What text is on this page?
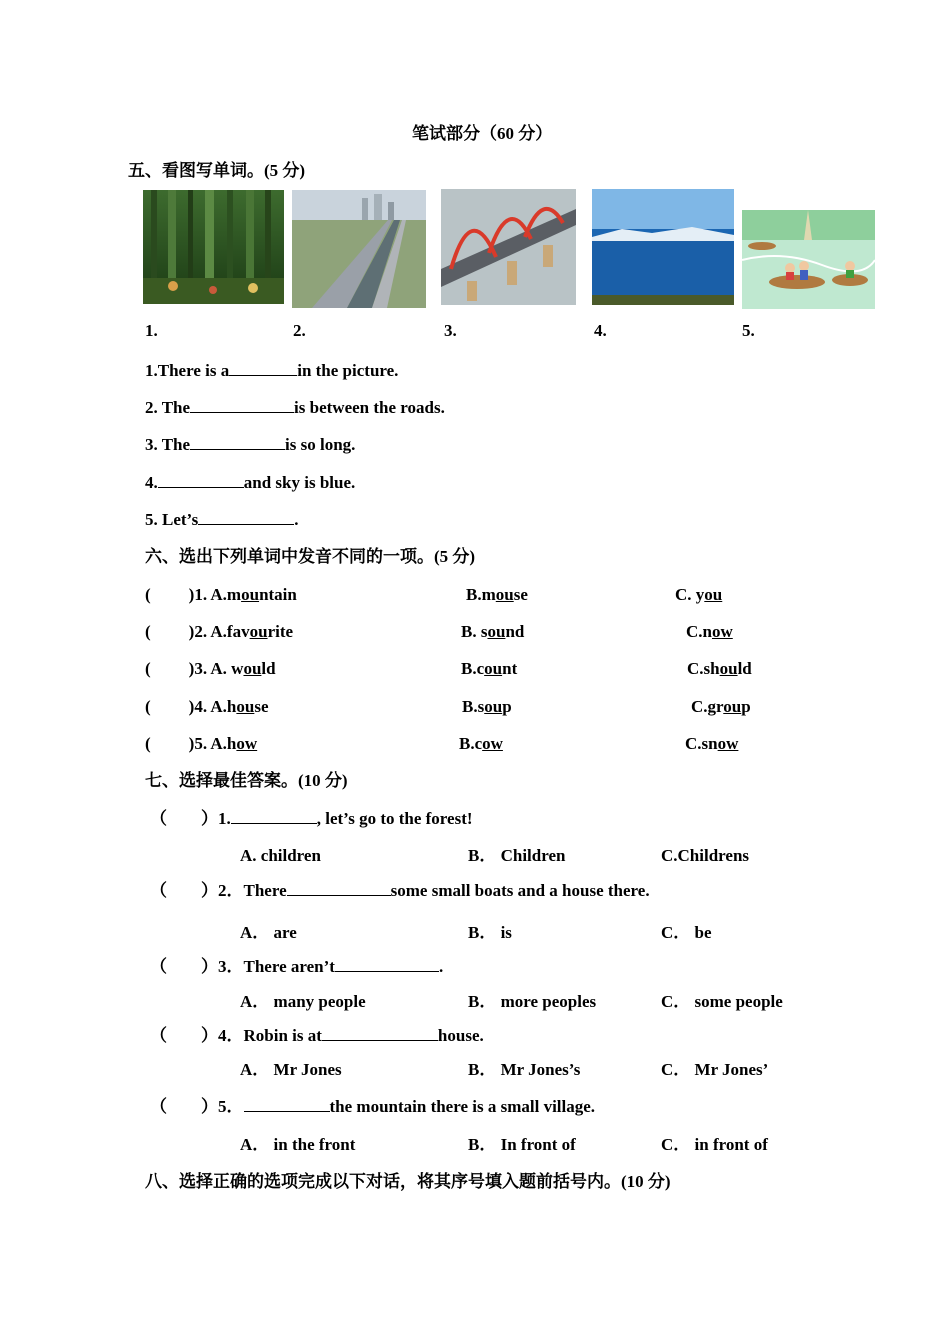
笔试部分（60 分）
五、看图写单词。(5 分)
1.	2.	3.	4.	5.
1.There is a	in the picture.
2. The	is between the roads.
3. The	is so long.
4.	and sky is blue.
5. Let’s	.
六、选出下列单词中发音不同的一项。(5 分)
( )1. A.mountain	B.mouse	C. you
( )2. A.favourite	B. sound	C.now
( )3. A. would	B.count	C.should
( )4. A.house	B.soup	C.group
( )5. A.how	B.cow	C.snow
七、选择最佳答案。(10 分)
（ ）1.	, let’s go to the forest!
A. children	B． Children	C.Childrens
（ ）2．There	some small boats and a house there.
A． are	B． is	C． be
（ ）3．There aren’t	.
A． many people	B． more peoples	C． some people
（ ）4．Robin is at	house.
A． Mr Jones	B． Mr Jones’s	C． Mr Jones’
（ ）5．	the mountain there is a small village.
A． in the front	B． In front of	C． in front of
八、选择正确的选项完成以下对话，将其序号填入题前括号内。(10 分)
